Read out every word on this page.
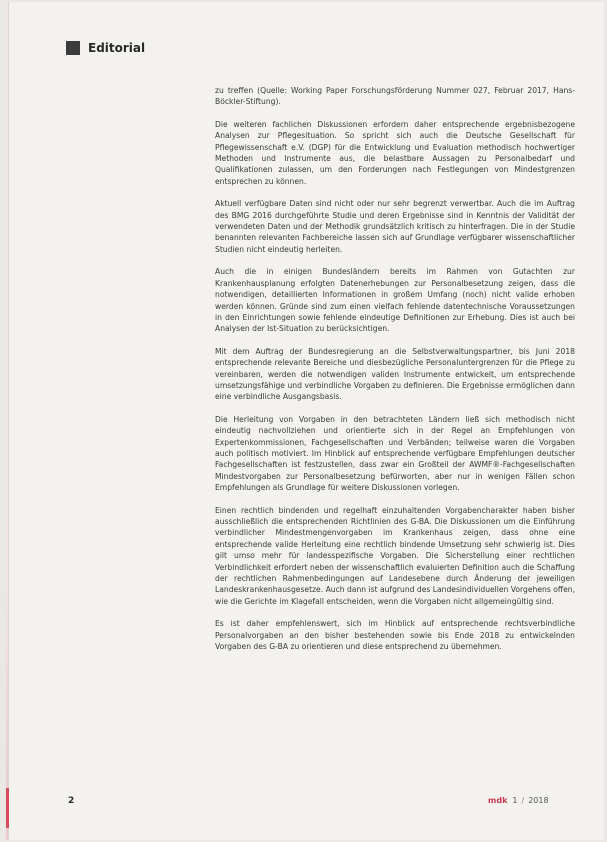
Editorial

zu treffen (Quelle: Working Paper Forschungsförderung Nummer 027, Februar 2017, Hans-Böckler-Stiftung).

Die weiteren fachlichen Diskussionen erfordern daher entsprechende ergebnisbezogene Analysen zur Pflegesituation. So spricht sich auch die Deutsche Gesellschaft für Pflegewissenschaft e.V. (DGP) für die Entwicklung und Evaluation methodisch hochwertiger Methoden und Instrumente aus, die belastbare Aussagen zu Personalbedarf und Qualifikationen zulassen, um den Forderungen nach Festlegungen von Mindestgrenzen entsprechen zu können.

Aktuell verfügbare Daten sind nicht oder nur sehr begrenzt verwertbar. Auch die im Auftrag des BMG 2016 durchgeführte Studie und deren Ergebnisse sind in Kenntnis der Validität der verwendeten Daten und der Methodik grundsätzlich kritisch zu hinterfragen. Die in der Studie benannten relevanten Fachbereiche lassen sich auf Grundlage verfügbarer wissenschaftlicher Studien nicht eindeutig herleiten.

Auch die in einigen Bundesländern bereits im Rahmen von Gutachten zur Krankenhausplanung erfolgten Datenerhebungen zur Personalbesetzung zeigen, dass die notwendigen, detaillierten Informationen in großem Umfang (noch) nicht valide erhoben werden können. Gründe sind zum einen vielfach fehlende datentechnische Voraussetzungen in den Einrichtungen sowie fehlende eindeutige Definitionen zur Erhebung. Dies ist auch bei Analysen der Ist-Situation zu berücksichtigen.

Mit dem Auftrag der Bundesregierung an die Selbstverwaltungspartner, bis Juni 2018 entsprechende relevante Bereiche und diesbezügliche Personaluntergrenzen für die Pflege zu vereinbaren, werden die notwendigen validen Instrumente entwickelt, um entsprechende umsetzungsfähige und verbindliche Vorgaben zu definieren. Die Ergebnisse ermöglichen dann eine verbindliche Ausgangsbasis.

Die Herleitung von Vorgaben in den betrachteten Ländern ließ sich methodisch nicht eindeutig nachvollziehen und orientierte sich in der Regel an Empfehlungen von Expertenkommissionen, Fachgesellschaften und Verbänden; teilweise waren die Vorgaben auch politisch motiviert. Im Hinblick auf entsprechende verfügbare Empfehlungen deutscher Fachgesellschaften ist festzustellen, dass zwar ein Großteil der AWMF®-Fachgesellschaften Mindestvorgaben zur Personalbesetzung befürworten, aber nur in wenigen Fällen schon Empfehlungen als Grundlage für weitere Diskussionen vorlegen.

Einen rechtlich bindenden und regelhaft einzuhaltenden Vorgabencharakter haben bisher ausschließlich die entsprechenden Richtlinien des G-BA. Die Diskussionen um die Einführung verbindlicher Mindestmengenvorgaben im Krankenhaus zeigen, dass ohne eine entsprechende valide Herleitung eine rechtlich bindende Umsetzung sehr schwierig ist. Dies gilt umso mehr für landesspezifische Vorgaben. Die Sicherstellung einer rechtlichen Verbindlichkeit erfordert neben der wissenschaftlich evaluierten Definition auch die Schaffung der rechtlichen Rahmenbedingungen auf Landesebene durch Änderung der jeweiligen Landeskrankenhausgesetze. Auch dann ist aufgrund des Landesindividuellen Vorgehens offen, wie die Gerichte im Klagefall entscheiden, wenn die Vorgaben nicht allgemeingültig sind.

Es ist daher empfehlenswert, sich im Hinblick auf entsprechende rechtsverbindliche Personalvorgaben an den bisher bestehenden sowie bis Ende 2018 zu entwickelnden Vorgaben des G-BA zu orientieren und diese entsprechend zu übernehmen.

2	mdk 1 / 2018
